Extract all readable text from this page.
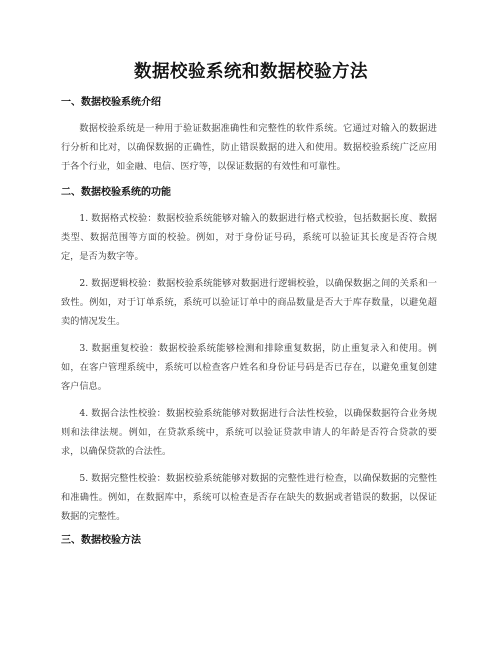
数据校验系统和数据校验方法
一、数据校验系统介绍

数据校验系统是一种用于验证数据准确性和完整性的软件系统。它通过对输入的数据进行分析和比对，以确保数据的正确性，防止错误数据的进入和使用。数据校验系统广泛应用于各个行业，如金融、电信、医疗等，以保证数据的有效性和可靠性。

二、数据校验系统的功能

1. 数据格式校验：数据校验系统能够对输入的数据进行格式校验，包括数据长度、数据类型、数据范围等方面的校验。例如，对于身份证号码，系统可以验证其长度是否符合规定，是否为数字等。

2. 数据逻辑校验：数据校验系统能够对数据进行逻辑校验，以确保数据之间的关系和一致性。例如，对于订单系统，系统可以验证订单中的商品数量是否大于库存数量，以避免超卖的情况发生。

3. 数据重复校验：数据校验系统能够检测和排除重复数据，防止重复录入和使用。例如，在客户管理系统中，系统可以检查客户姓名和身份证号码是否已存在，以避免重复创建客户信息。

4. 数据合法性校验：数据校验系统能够对数据进行合法性校验，以确保数据符合业务规则和法律法规。例如，在贷款系统中，系统可以验证贷款申请人的年龄是否符合贷款的要求，以确保贷款的合法性。

5. 数据完整性校验：数据校验系统能够对数据的完整性进行检查，以确保数据的完整性和准确性。例如，在数据库中，系统可以检查是否存在缺失的数据或者错误的数据，以保证数据的完整性。

三、数据校验方法
